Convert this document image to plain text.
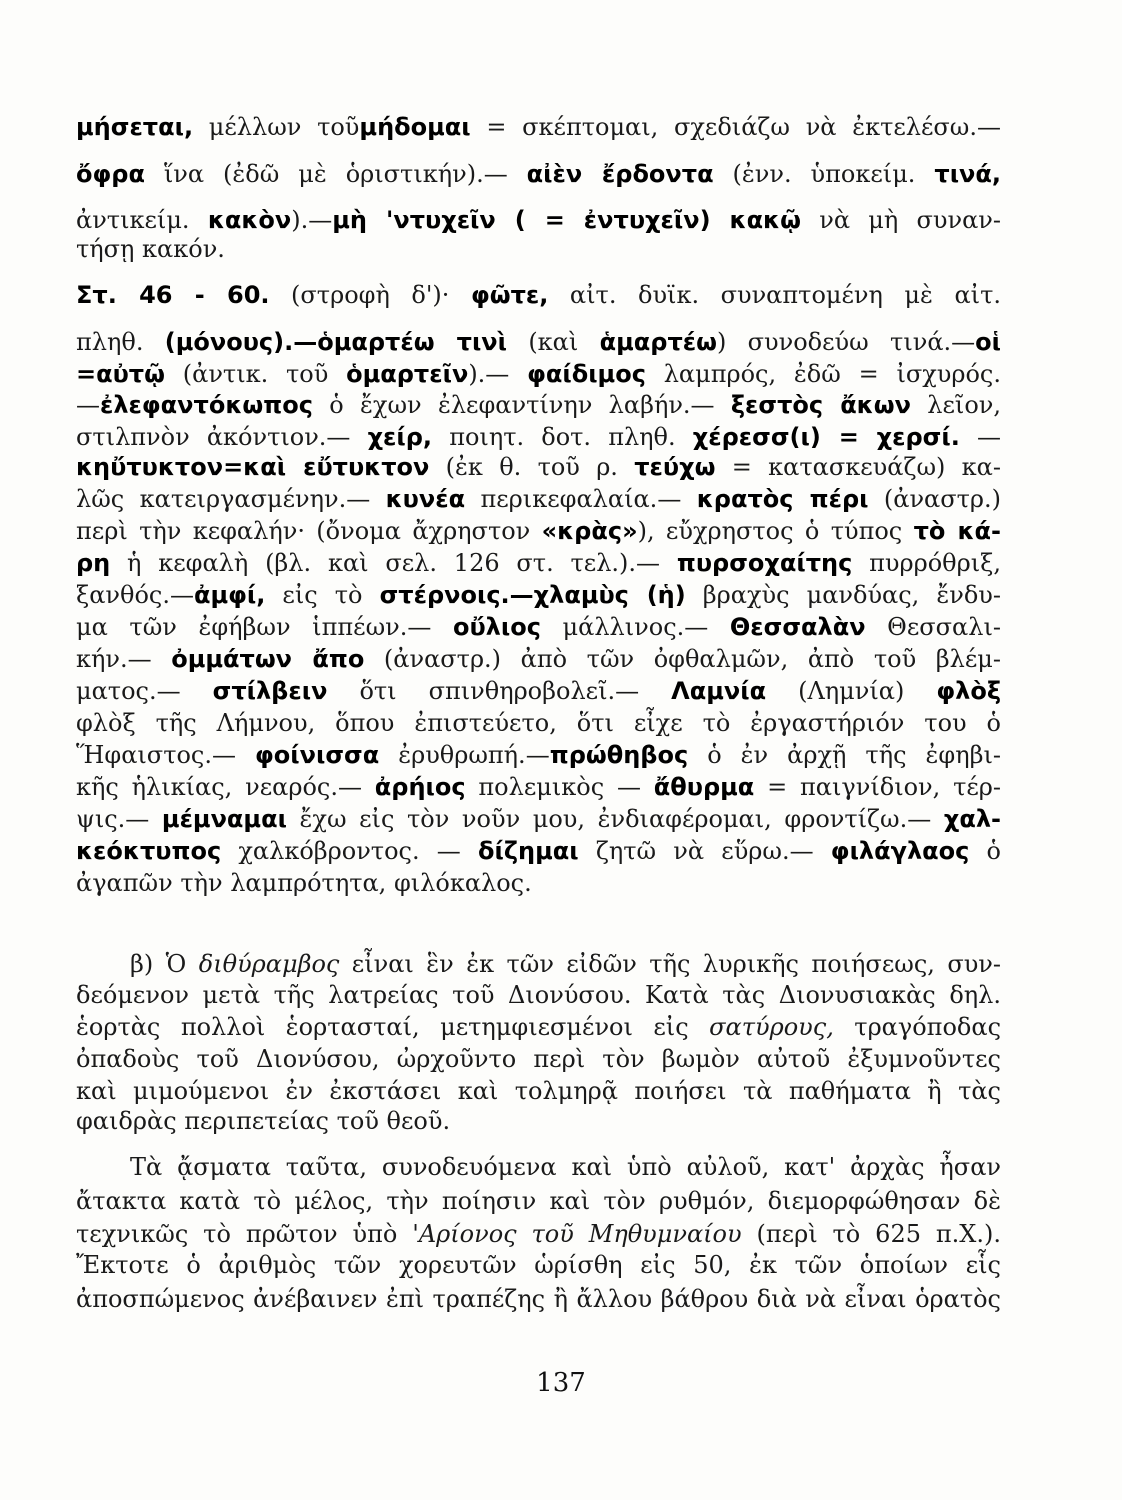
μήσεται, μέλλων τοῦμήδομαι = σκέπτομαι, σχεδιάζω νὰ ἐκτελέσω.—
ὄφρα ἵνα (ἐδῶ μὲ ὁριστικήν).— αἰὲν ἔρδοντα (ἐνν. ὑποκείμ. τινά,
ἀντικείμ. κακὸν).—μὴ 'ντυχεῖν ( = ἐντυχεῖν) κακῷ νὰ μὴ συναν-
τήσῃ κακόν.
Στ. 46 - 60. (στροφὴ δ')· φῶτε, αἰτ. δυϊκ. συναπτομένη μὲ αἰτ.
πληθ. (μόνους).—ὁμαρτέω τινὶ (καὶ ἁμαρτέω) συνοδεύω τινά.—οἱ
=αὐτῷ (ἀντικ. τοῦ ὁμαρτεῖν).— φαίδιμος λαμπρός, ἐδῶ = ἰσχυρός.
—ἐλεφαντόκωπος ὁ ἔχων ἐλεφαντίνην λαβήν.— ξεστὸς ἄκων λεῖον,
στιλπνὸν ἀκόντιον.— χείρ, ποιητ. δοτ. πληθ. χέρεσσ(ι) = χερσί. —
κηὔτυκτον=καὶ εὔτυκτον (ἐκ θ. τοῦ ρ. τεύχω = κατασκευάζω) κα-
λῶς κατειργασμένην.— κυνέα περικεφαλαία.— κρατὸς πέρι (ἀναστρ.)
περὶ τὴν κεφαλήν· (ὄνομα ἄχρηστον «κρὰς»), εὔχρηστος ὁ τύπος τὸ κά-
ρη ἡ κεφαλὴ (βλ. καὶ σελ. 126 στ. τελ.).— πυρσοχαίτης πυρρόθριξ,
ξανθός.—ἀμφί, εἰς τὸ στέρνοις.—χλαμὺς (ἡ) βραχὺς μανδύας, ἔνδυ-
μα τῶν ἐφήβων ἱππέων.— οὔλιος μάλλινος.— Θεσσαλὰν Θεσσαλι-
κήν.— ὀμμάτων ἄπο (ἀναστρ.) ἀπὸ τῶν ὀφθαλμῶν, ἀπὸ τοῦ βλέμ-
ματος.— στίλβειν ὅτι σπινθηροβολεῖ.— Λαμνία (Λημνία) φλὸξ
φλὸξ τῆς Λήμνου, ὅπου ἐπιστεύετο, ὅτι εἶχε τὸ ἐργαστήριόν του ὁ
Ἥφαιστος.— φοίνισσα ἐρυθρωπή.—πρώθηβος ὁ ἐν ἀρχῇ τῆς ἐφηβι-
κῆς ἡλικίας, νεαρός.— ἀρήιος πολεμικὸς — ἄθυρμα = παιγνίδιον, τέρ-
ψις.— μέμναμαι ἔχω εἰς τὸν νοῦν μου, ἐνδιαφέρομαι, φροντίζω.— χαλ-
κεόκτυπος χαλκόβροντος. — δίζημαι ζητῶ νὰ εὕρω.— φιλάγλαος ὁ
ἀγαπῶν τὴν λαμπρότητα, φιλόκαλος.
β) Ὁ διθύραμβος εἶναι ἓν ἐκ τῶν εἰδῶν τῆς λυρικῆς ποιήσεως, συν-
δεόμενον μετὰ τῆς λατρείας τοῦ Διονύσου. Κατὰ τὰς Διονυσιακὰς δηλ.
ἑορτὰς πολλοὶ ἑορτασταί, μετημφιεσμένοι εἰς σατύρους, τραγόποδας
ὀπαδοὺς τοῦ Διονύσου, ὠρχοῦντο περὶ τὸν βωμὸν αὐτοῦ ἐξυμνοῦντες
καὶ μιμούμενοι ἐν ἐκστάσει καὶ τολμηρᾷ ποιήσει τὰ παθήματα ἢ τὰς
φαιδρὰς περιπετείας τοῦ θεοῦ.
Τὰ ᾄσματα ταῦτα, συνοδευόμενα καὶ ὑπὸ αὐλοῦ, κατ' ἀρχὰς ἦσαν
ἄτακτα κατὰ τὸ μέλος, τὴν ποίησιν καὶ τὸν ρυθμόν, διεμορφώθησαν δὲ
τεχνικῶς τὸ πρῶτον ὑπὸ 'Αρίονος τοῦ Μηθυμναίου (περὶ τὸ 625 π.Χ.).
Ἔκτοτε ὁ ἀριθμὸς τῶν χορευτῶν ὡρίσθη εἰς 50, ἐκ τῶν ὁποίων εἷς
ἀποσπώμενος ἀνέβαινεν ἐπὶ τραπέζης ἢ ἄλλου βάθρου διὰ νὰ εἶναι ὁρατὸς
137
